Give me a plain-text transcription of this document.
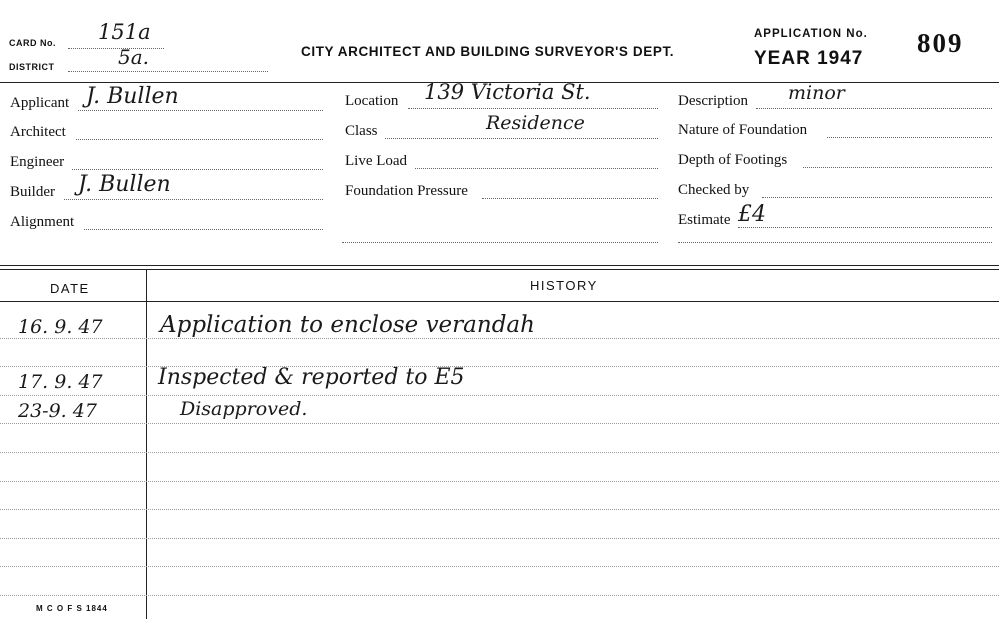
CARD No. 151a
DISTRICT	5a.	CITY ARCHITECT AND BUILDING SURVEYOR'S DEPT.
APPLICATION No.
YEAR 1947
809
Applicant J. Bullen
Architect
Engineer
Builder J. Bullen
Alignment
Location 139 Victoria St.
Class	Residence
Live Load
Foundation Pressure
Description minor
Nature of Foundation
Depth of Footings
Checked by
Estimate £4
DATE	HISTORY
16. 9. 47 Application to enclose verandah
17. 9. 47	Inspected & reported to E5
23-9. 47	Disapproved.
M C O F S 1844
